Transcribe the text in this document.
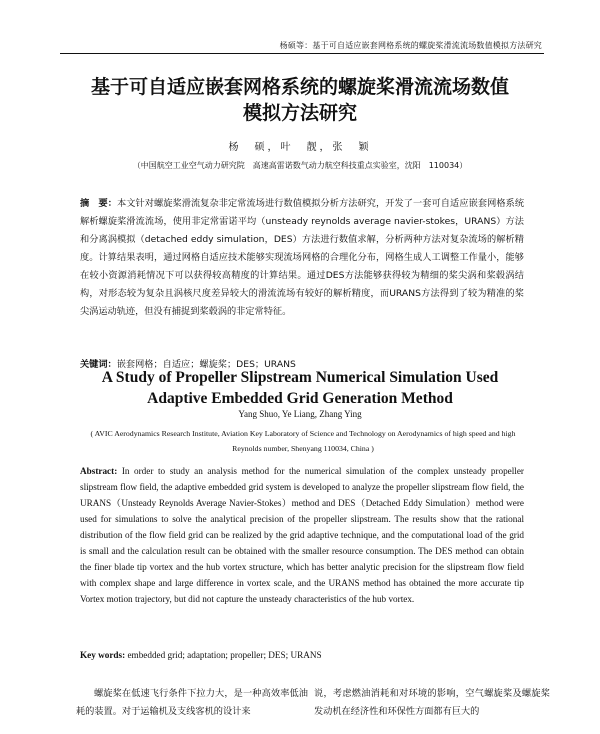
杨硕等：基于可自适应嵌套网格系统的螺旋桨滑流流场数值模拟方法研究
基于可自适应嵌套网格系统的螺旋桨滑流流场数值
模拟方法研究
杨　硕，叶　靓，张　颖
（中国航空工业空气动力研究院　高速高雷诺数气动力航空科技重点实验室，沈阳　110034）
摘　要：本文针对螺旋桨滑流复杂非定常流场进行数值模拟分析方法研究，开发了一套可自适应嵌套网格系统解析螺旋桨滑流流场，使用非定常雷诺平均（unsteady reynolds average navier-stokes，URANS）方法和分离涡模拟（detached eddy simulation，DES）方法进行数值求解，分析两种方法对复杂流场的解析精度。计算结果表明，通过网格自适应技术能够实现流场网格的合理化分布，网格生成人工调整工作量小，能够在较小资源消耗情况下可以获得较高精度的计算结果。通过DES方法能够获得较为精细的桨尖涡和桨毂涡结构，对形态较为复杂且涡核尺度差异较大的滑流流场有较好的解析精度，而URANS方法得到了较为精准的桨尖涡运动轨迹，但没有捕捉到桨毂涡的非定常特征。
关键词：嵌套网格；自适应；螺旋桨；DES；URANS
A Study of Propeller Slipstream Numerical Simulation Used
Adaptive Embedded Grid Generation Method
Yang Shuo, Ye Liang, Zhang Ying
( AVIC Aerodynamics Research Institute, Aviation Key Laboratory of Science and Technology on Aerodynamics of high speed and high Reynolds number, Shenyang 110034, China )
Abstract: In order to study an analysis method for the numerical simulation of the complex unsteady propeller slipstream flow field, the adaptive embedded grid system is developed to analyze the propeller slipstream flow field, the URANS（Unsteady Reynolds Average Navier-Stokes）method and DES（Detached Eddy Simulation）method were used for simulations to solve the analytical precision of the propeller slipstream. The results show that the rational distribution of the flow field grid can be realized by the grid adaptive technique, and the computational load of the grid is small and the calculation result can be obtained with the smaller resource consumption. The DES method can obtain the finer blade tip vortex and the hub vortex structure, which has better analytic precision for the slipstream flow field with complex shape and large difference in vortex scale, and the URANS method has obtained the more accurate tip Vortex motion trajectory, but did not capture the unsteady characteristics of the hub vortex.
Key words: embedded grid; adaptation; propeller; DES; URANS
螺旋桨在低速飞行条件下拉力大，是一种高效率低油耗的装置。对于运输机及支线客机的设计来
说，考虑燃油消耗和对环境的影响，空气螺旋桨及螺旋桨发动机在经济性和环保性方面都有巨大的
